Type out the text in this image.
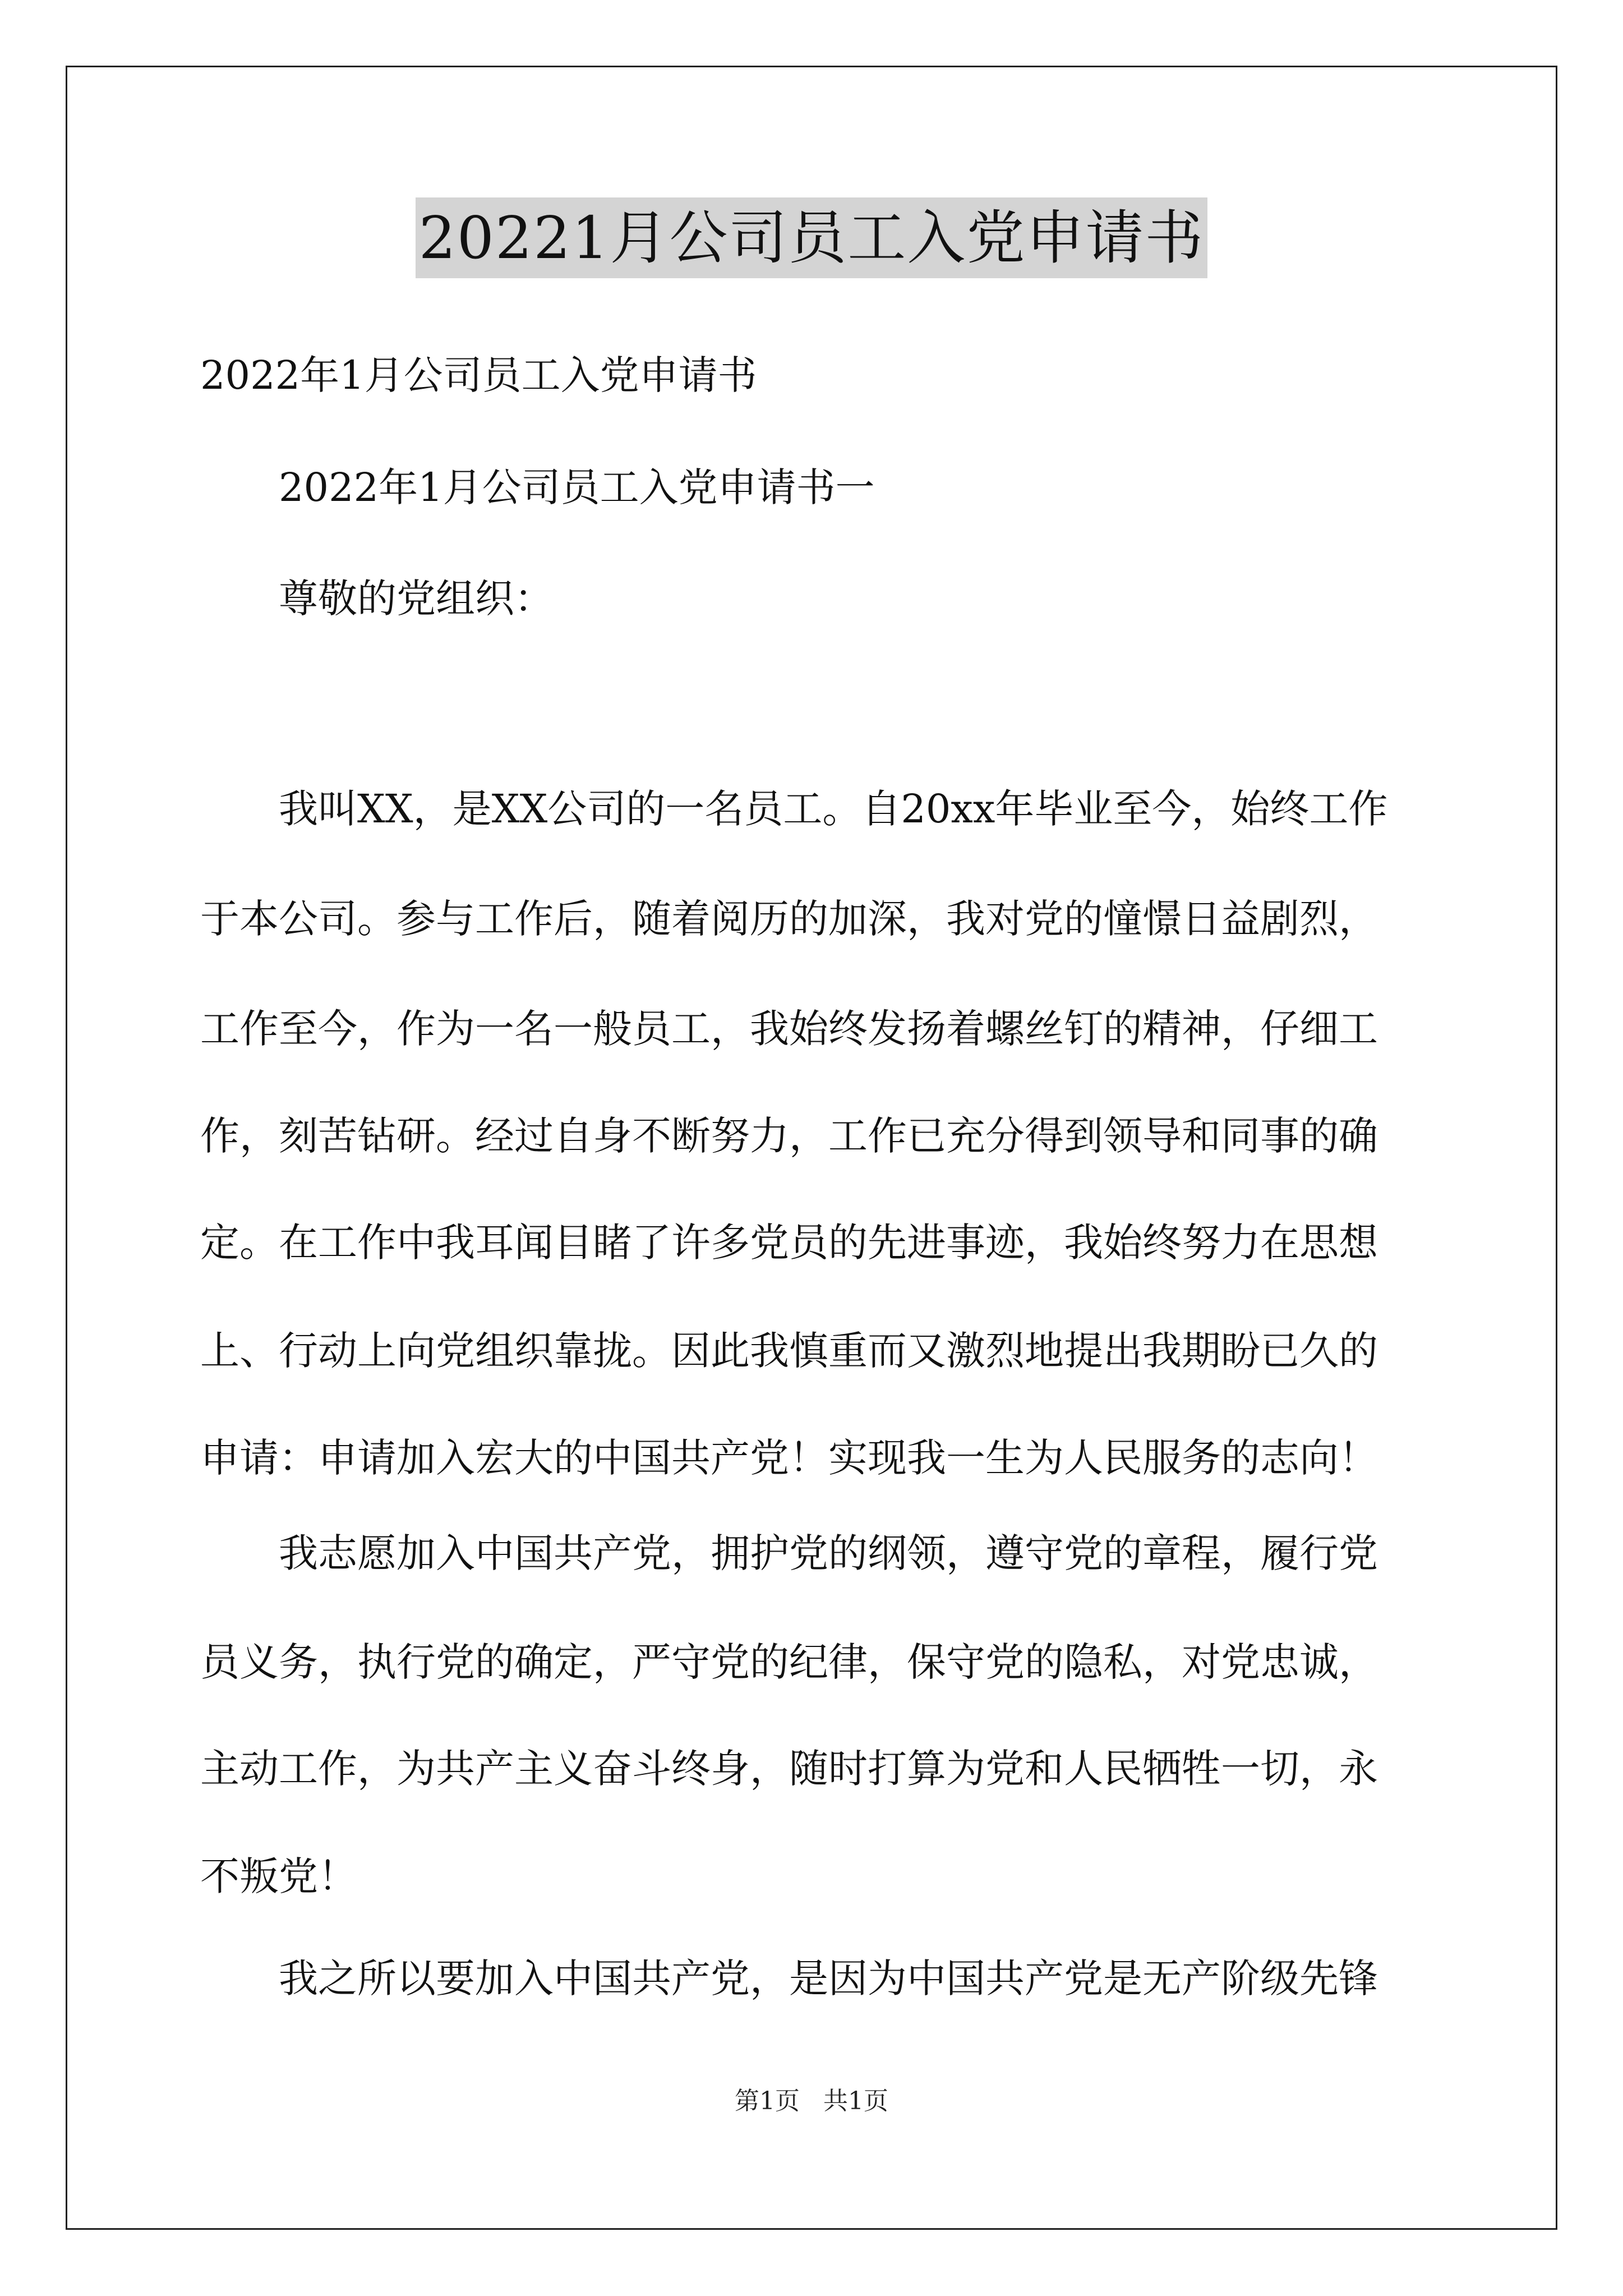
20221月公司员工入党申请书
2022年1月公司员工入党申请书
2022年1月公司员工入党申请书一
尊敬的党组织：
我叫XX，是XX公司的一名员工。自20xx年毕业至今，始终工作
于本公司。参与工作后，随着阅历的加深，我对党的憧憬日益剧烈，
工作至今，作为一名一般员工，我始终发扬着螺丝钉的精神，仔细工
作，刻苦钻研。经过自身不断努力，工作已充分得到领导和同事的确
定。在工作中我耳闻目睹了许多党员的先进事迹，我始终努力在思想
上、行动上向党组织靠拢。因此我慎重而又激烈地提出我期盼已久的
申请：申请加入宏大的中国共产党！实现我一生为人民服务的志向！
我志愿加入中国共产党，拥护党的纲领，遵守党的章程，履行党
员义务，执行党的确定，严守党的纪律，保守党的隐私，对党忠诚，
主动工作，为共产主义奋斗终身，随时打算为党和人民牺牲一切，永
不叛党！
我之所以要加入中国共产党，是因为中国共产党是无产阶级先锋
第1页 共1页
